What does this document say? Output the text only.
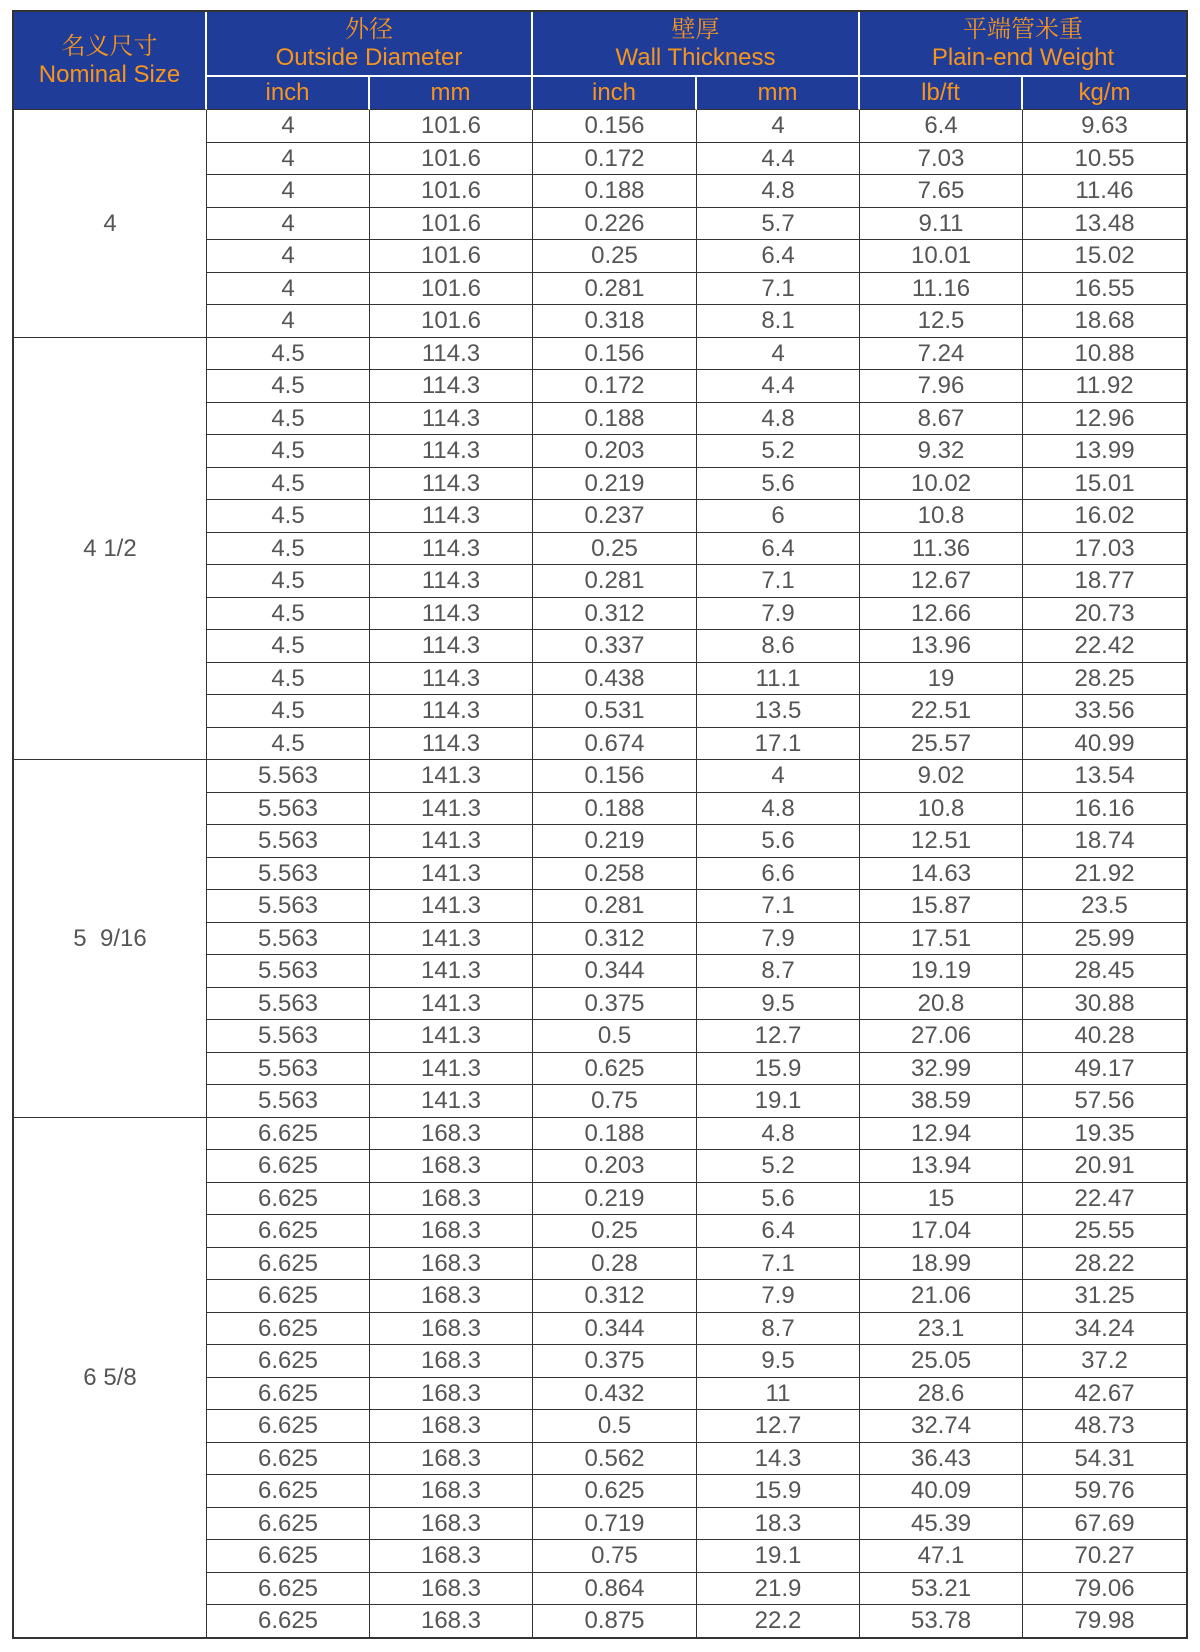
名义尺寸
Nominal Size	外径
Outside Diameter		壁厚
Wall Thickness		平端管米重
Plain-end Weight	

	inch	mm	inch	mm	lb/ft	kg/m
4	4	101.6	0.156	4	6.4	9.63
	4	101.6	0.172	4.4	7.03	10.55
	4	101.6	0.188	4.8	7.65	11.46
	4	101.6	0.226	5.7	9.11	13.48
	4	101.6	0.25	6.4	10.01	15.02
	4	101.6	0.281	7.1	11.16	16.55
	4	101.6	0.318	8.1	12.5	18.68
4 1/2	4.5	114.3	0.156	4	7.24	10.88
	4.5	114.3	0.172	4.4	7.96	11.92
	4.5	114.3	0.188	4.8	8.67	12.96
	4.5	114.3	0.203	5.2	9.32	13.99
	4.5	114.3	0.219	5.6	10.02	15.01
	4.5	114.3	0.237	6	10.8	16.02
	4.5	114.3	0.25	6.4	11.36	17.03
	4.5	114.3	0.281	7.1	12.67	18.77
	4.5	114.3	0.312	7.9	12.66	20.73
	4.5	114.3	0.337	8.6	13.96	22.42
	4.5	114.3	0.438	11.1	19	28.25
	4.5	114.3	0.531	13.5	22.51	33.56
	4.5	114.3	0.674	17.1	25.57	40.99
5  9/16	5.563	141.3	0.156	4	9.02	13.54
	5.563	141.3	0.188	4.8	10.8	16.16
	5.563	141.3	0.219	5.6	12.51	18.74
	5.563	141.3	0.258	6.6	14.63	21.92
	5.563	141.3	0.281	7.1	15.87	23.5
	5.563	141.3	0.312	7.9	17.51	25.99
	5.563	141.3	0.344	8.7	19.19	28.45
	5.563	141.3	0.375	9.5	20.8	30.88
	5.563	141.3	0.5	12.7	27.06	40.28
	5.563	141.3	0.625	15.9	32.99	49.17
	5.563	141.3	0.75	19.1	38.59	57.56
6 5/8	6.625	168.3	0.188	4.8	12.94	19.35
	6.625	168.3	0.203	5.2	13.94	20.91
	6.625	168.3	0.219	5.6	15	22.47
	6.625	168.3	0.25	6.4	17.04	25.55
	6.625	168.3	0.28	7.1	18.99	28.22
	6.625	168.3	0.312	7.9	21.06	31.25
	6.625	168.3	0.344	8.7	23.1	34.24
	6.625	168.3	0.375	9.5	25.05	37.2
	6.625	168.3	0.432	11	28.6	42.67
	6.625	168.3	0.5	12.7	32.74	48.73
	6.625	168.3	0.562	14.3	36.43	54.31
	6.625	168.3	0.625	15.9	40.09	59.76
	6.625	168.3	0.719	18.3	45.39	67.69
	6.625	168.3	0.75	19.1	47.1	70.27
	6.625	168.3	0.864	21.9	53.21	79.06
	6.625	168.3	0.875	22.2	53.78	79.98
